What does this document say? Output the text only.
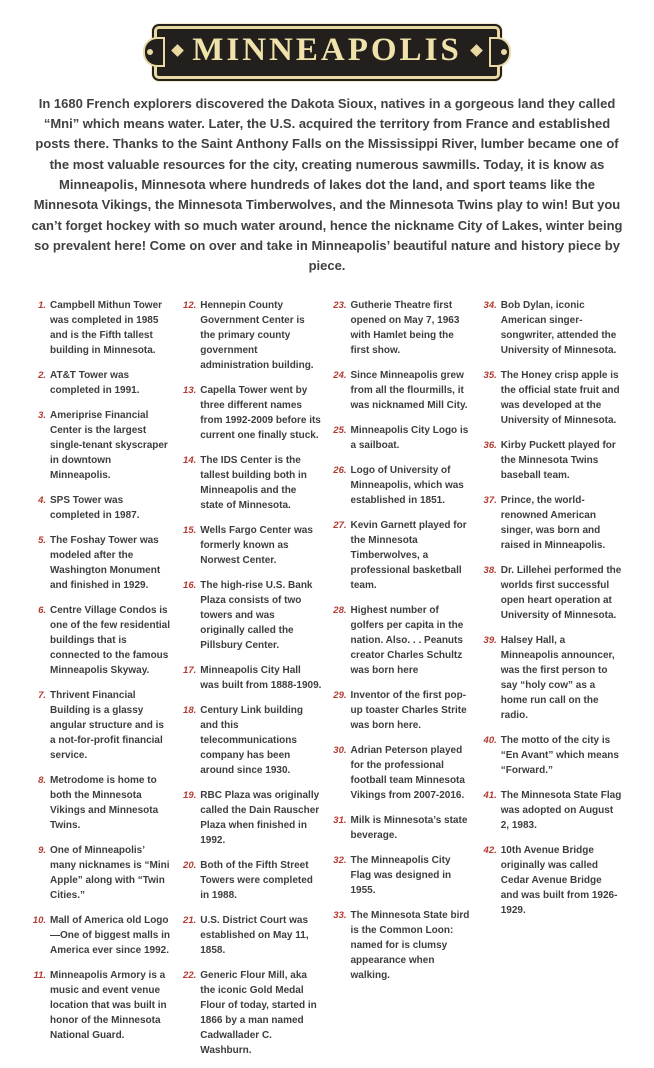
MINNEAPOLIS

In 1680 French explorers discovered the Dakota Sioux, natives in a gorgeous land they called “Mni” which means water. Later, the U.S. acquired the territory from France and established posts there. Thanks to the Saint Anthony Falls on the Mississippi River, lumber became one of the most valuable resources for the city, creating numerous sawmills. Today, it is know as Minneapolis, Minnesota where hundreds of lakes dot the land, and sport teams like the Minnesota Vikings, the Minnesota Timberwolves, and the Minnesota Twins play to win! But you can’t forget hockey with so much water around, hence the nickname City of Lakes, winter being so prevalent here! Come on over and take in Minneapolis’ beautiful nature and history piece by piece.

1. Campbell Mithun Tower was completed in 1985 and is the Fifth tallest building in Minnesota.
2. AT&T Tower was completed in 1991.
3. Ameriprise Financial Center is the largest single-tenant skyscraper in downtown Minneapolis.
4. SPS Tower was completed in 1987.
5. The Foshay Tower was modeled after the Washington Monument and finished in 1929.
6. Centre Village Condos is one of the few residential buildings that is connected to the famous Minneapolis Skyway.
7. Thrivent Financial Building is a glassy angular structure and is a not-for-profit financial service.
8. Metrodome is home to both the Minnesota Vikings and Minnesota Twins.
9. One of Minneapolis’ many nicknames is “Mini Apple” along with “Twin Cities.”
10. Mall of America old Logo—One of biggest malls in America ever since 1992.
11. Minneapolis Armory is a music and event venue location that was built in honor of the Minnesota National Guard.
12. Hennepin County Government Center is the primary county government administration building.
13. Capella Tower went by three different names from 1992-2009 before its current one finally stuck.
14. The IDS Center is the tallest building both in Minneapolis and the state of Minnesota.
15. Wells Fargo Center was formerly known as Norwest Center.
16. The high-rise U.S. Bank Plaza consists of two towers and was originally called the Pillsbury Center.
17. Minneapolis City Hall was built from 1888-1909.
18. Century Link building and this telecommunications company has been around since 1930.
19. RBC Plaza was originally called the Dain Rauscher Plaza when finished in 1992.
20. Both of the Fifth Street Towers were completed in 1988.
21. U.S. District Court was established on May 11, 1858.
22. Generic Flour Mill, aka the iconic Gold Medal Flour of today, started in 1866 by a man named Cadwallader C. Washburn.
23. Gutherie Theatre first opened on May 7, 1963 with Hamlet being the first show.
24. Since Minneapolis grew from all the flourmills, it was nicknamed Mill City.
25. Minneapolis City Logo is a sailboat.
26. Logo of University of Minneapolis, which was established in 1851.
27. Kevin Garnett played for the Minnesota Timberwolves, a professional basketball team.
28. Highest number of golfers per capita in the nation. Also. . . Peanuts creator Charles Schultz was born here
29. Inventor of the first pop-up toaster Charles Strite was born here.
30. Adrian Peterson played for the professional football team Minnesota Vikings from 2007-2016.
31. Milk is Minnesota’s state beverage.
32. The Minneapolis City Flag was designed in 1955.
33. The Minnesota State bird is the Common Loon: named for is clumsy appearance when walking.
34. Bob Dylan, iconic American singer-songwriter, attended the University of Minnesota.
35. The Honey crisp apple is the official state fruit and was developed at the University of Minnesota.
36. Kirby Puckett played for the Minnesota Twins baseball team.
37. Prince, the world-renowned American singer, was born and raised in Minneapolis.
38. Dr. Lillehei performed the worlds first successful open heart operation at University of Minnesota.
39. Halsey Hall, a Minneapolis announcer, was the first person to say “holy cow” as a home run call on the radio.
40. The motto of the city is “En Avant” which means “Forward.”
41. The Minnesota State Flag was adopted on August 2, 1983.
42. 10th Avenue Bridge originally was called Cedar Avenue Bridge and was built from 1926-1929.
